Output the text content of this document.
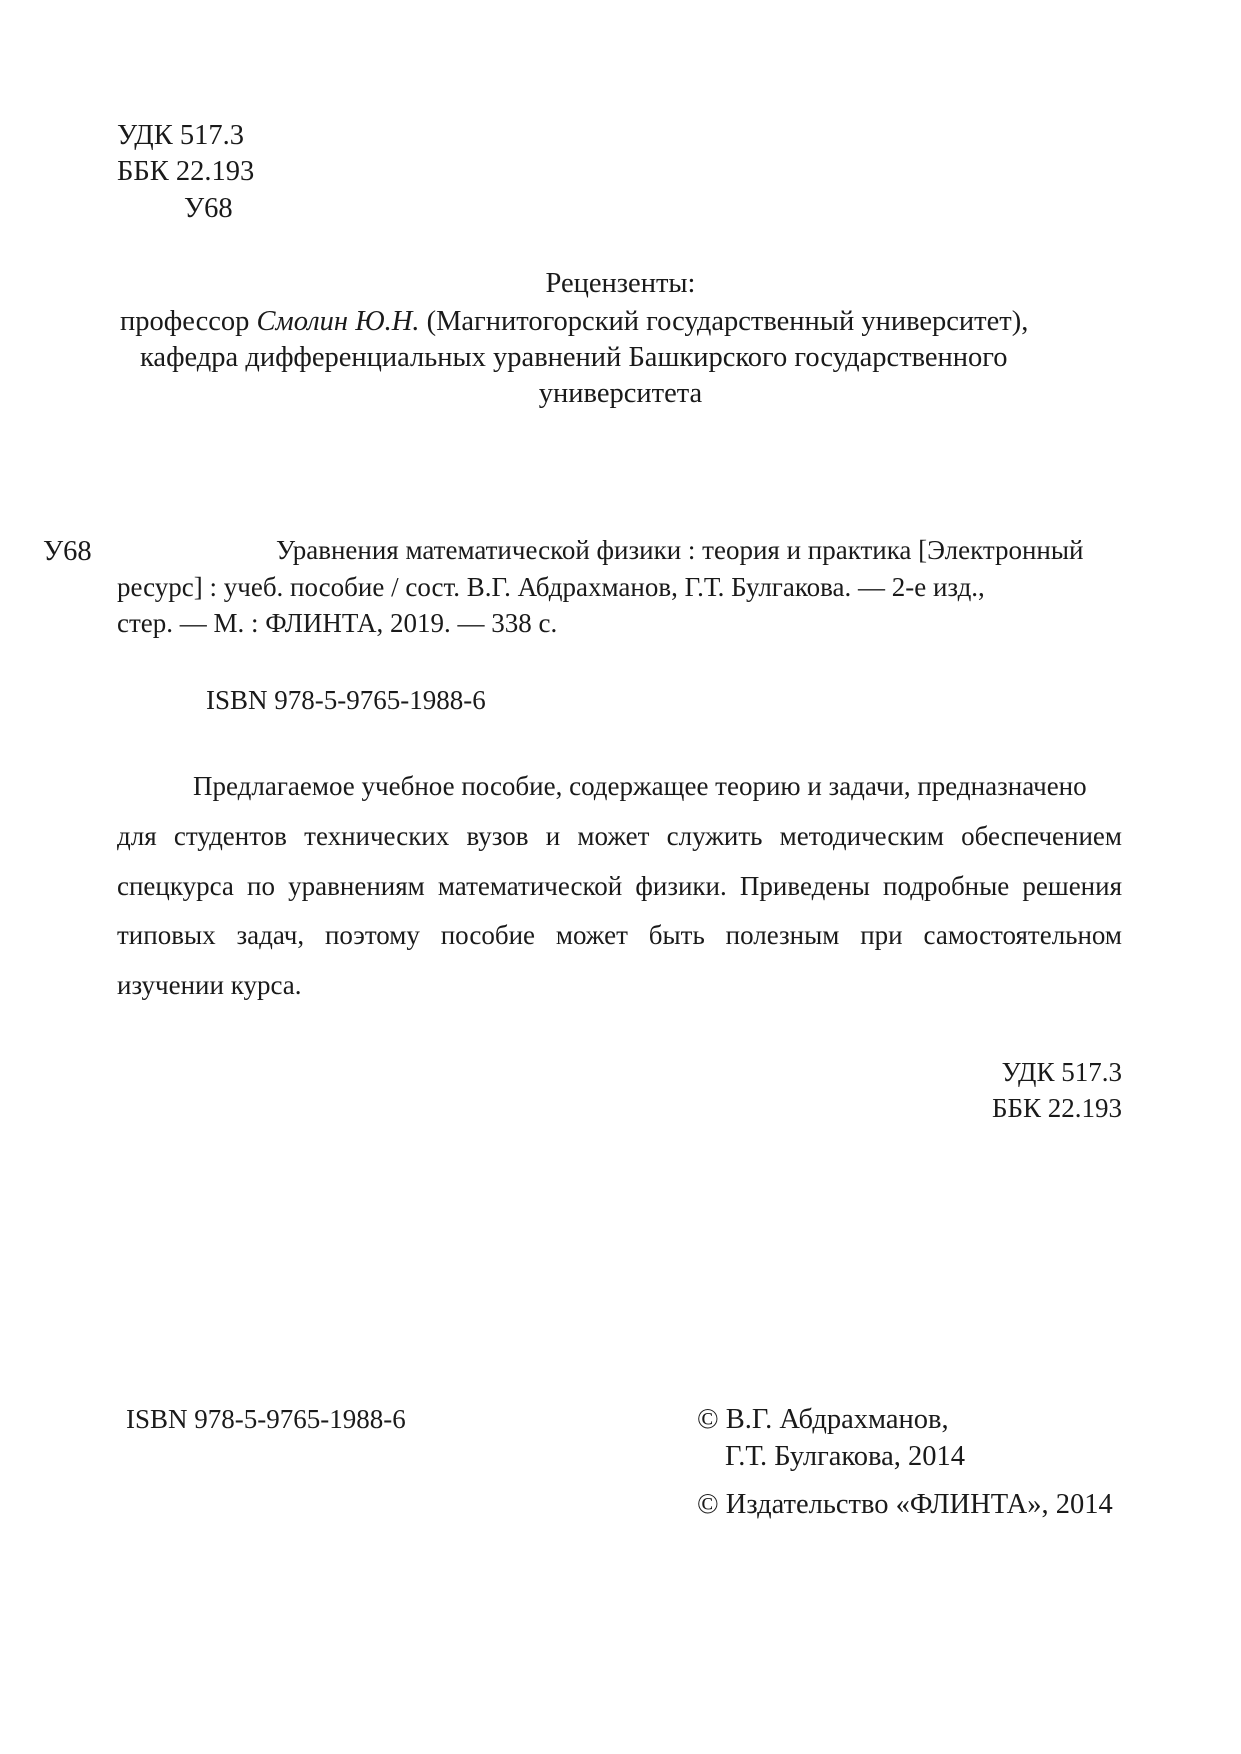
УДК 517.3
ББК 22.193
У68
Рецензенты:
профессор Смолин Ю.Н. (Магнитогорский государственный университет),
кафедра дифференциальных уравнений Башкирского государственного
университета
У68	Уравнения математической физики : теория и практика [Электронный
ресурс] : учеб. пособие / сост. В.Г. Абдрахманов, Г.Т. Булгакова. — 2-е изд.,
стер. — М. : ФЛИНТА, 2019. — 338 с.
ISBN 978-5-9765-1988-6
Предлагаемое учебное пособие, содержащее теорию и задачи, предназначено
для студентов технических вузов и может служить методическим обеспечением
спецкурса по уравнениям математической физики. Приведены подробные решения
типовых задач, поэтому пособие может быть полезным при самостоятельном
изучении курса.
УДК 517.3
ББК 22.193
ISBN 978-5-9765-1988-6	© В.Г. Абдрахманов,
Г.Т. Булгакова, 2014
© Издательство «ФЛИНТА», 2014
